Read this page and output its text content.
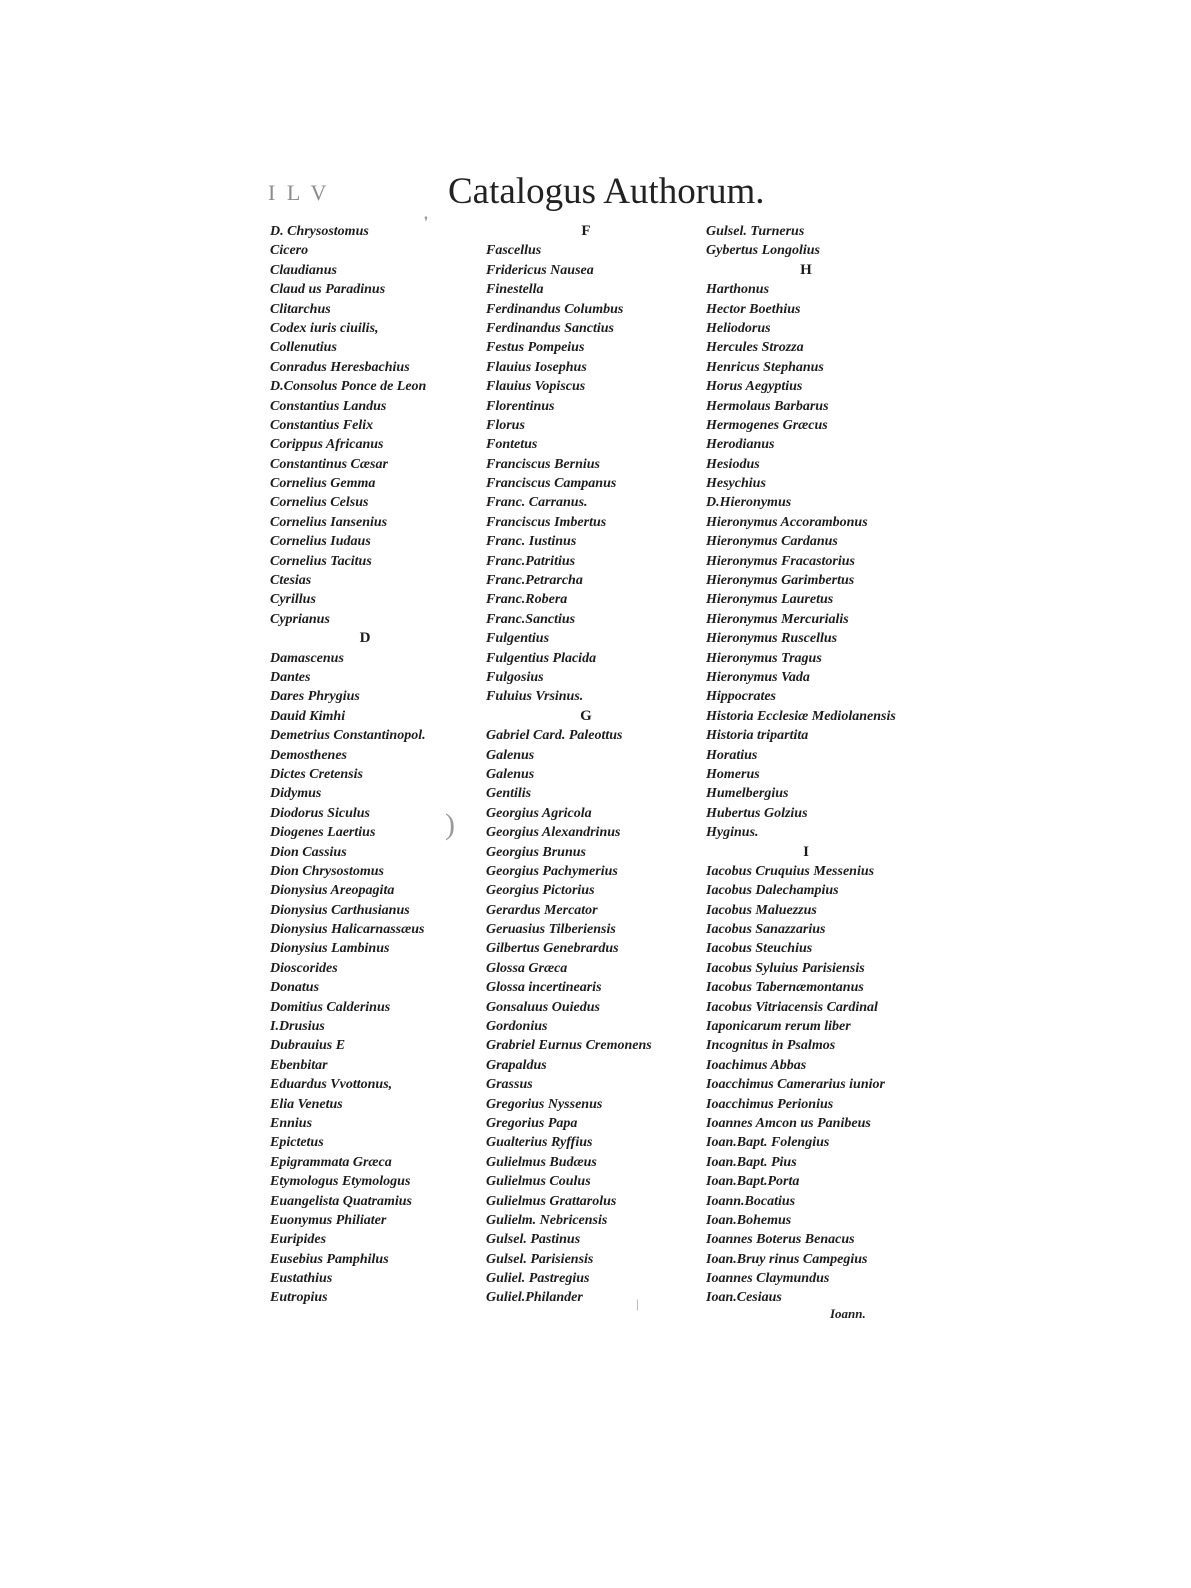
I L V	Catalogus Authorum.
D. Chrysostomus
Cicero
Claudianus
Claud us Paradinus
Clitarchus
Codex iuris ciuilis,
Collenutius
Conradus Heresbachius
D.Consolus Ponce de Leon
Constantius Landus
Constantius Felix
Corippus Africanus
Constantinus Cæsar
Cornelius Gemma
Cornelius Celsus
Cornelius Iansenius
Cornelius Iudaus
Cornelius Tacitus
Ctesias
Cyrillus
Cyprianus
D
Damascenus
Dantes
Dares Phrygius
Dauid Kimhi
Demetrius Constantinopol.
Demosthenes
Dictes Cretensis
Didymus
Diodorus Siculus
Diogenes Laertius
Dion Cassius
Dion Chrysostomus
Dionysius Areopagita
Dionysius Carthusianus
Dionysius Halicarnassæus
Dionysius Lambinus
Dioscorides
Donatus
Domitius Calderinus
I.Drusius
Dubrauius E
Ebenbitar
Eduardus Vvottonus,
Elia Venetus
Ennius
Epictetus
Epigrammata Græca
Etymologus Etymologus
Euangelista Quatramius
Euonymus Philiater
Euripides
Eusebius Pamphilus
Eustathius
Eutropius
F
Fascellus
Fridericus Nausea
Finestella
Ferdinandus Columbus
Ferdinandus Sanctius
Festus Pompeius
Flauius Iosephus
Flauius Vopiscus
Florentinus
Florus
Fontetus
Franciscus Bernius
Franciscus Campanus
Franc. Carranus.
Franciscus Imbertus
Franc. Iustinus
Franc.Patritius
Franc.Petrarcha
Franc.Robera
Franc.Sanctius
Fulgentius
Fulgentius Placida
Fulgosius
Fuluius Vrsinus.
G
Gabriel Card. Paleottus
Galenus
Galenus
Gentilis
Georgius Agricola
Georgius Alexandrinus
Georgius Brunus
Georgius Pachymerius
Georgius Pictorius
Gerardus Mercator
Geruasius Tilberiensis
Gilbertus Genebrardus
Glossa Græca
Glossa incertinearis
Gonsaluus Ouiedus
Gordonius
Grabriel Eurnus Cremonens
Grapaldus
Grassus
Gregorius Nyssenus
Gregorius Papa
Gualterius Ryffius
Gulielmus Budæus
Gulielmus Coulus
Gulielmus Grattarolus
Gulielm. Nebricensis
Gulsel. Pastinus
Gulsel. Parisiensis
Guliel. Pastregius
Guliel.Philander
Gulsel. Turnerus
Gybertus Longolius
H
Harthonus
Hector Boethius
Heliodorus
Hercules Strozza
Henricus Stephanus
Horus Aegyptius
Hermolaus Barbarus
Hermogenes Græcus
Herodianus
Hesiodus
Hesychius
D.Hieronymus
Hieronymus Accorambonus
Hieronymus Cardanus
Hieronymus Fracastorius
Hieronymus Garimbertus
Hieronymus Lauretus
Hieronymus Mercurialis
Hieronymus Ruscellus
Hieronymus Tragus
Hieronymus Vada
Hippocrates
Historia Ecclesiæ Mediolanensis
Historia tripartita
Horatius
Homerus
Humelbergius
Hubertus Golzius
Hyginus.
I
Iacobus Cruquius Messenius
Iacobus Dalechampius
Iacobus Maluezzus
Iacobus Sanazzarius
Iacobus Steuchius
Iacobus Syluius Parisiensis
Iacobus Tabernæmontanus
Iacobus Vitriacensis Cardinal
Iaponicarum rerum liber
Incognitus in Psalmos
Ioachimus Abbas
Ioacchimus Camerarius iunior
Ioacchimus Perionius
Ioannes Amcon us Panibeus
Ioan.Bapt. Folengius
Ioan.Bapt. Pius
Ioan.Bapt.Porta
Ioann.Bocatius
Ioan.Bohemus
Ioannes Boterus Benacus
Ioan.Bruy rinus Campegius
Ioannes Claymundus
Ioan.Cesiaus
Ioann.
❜
)
|
